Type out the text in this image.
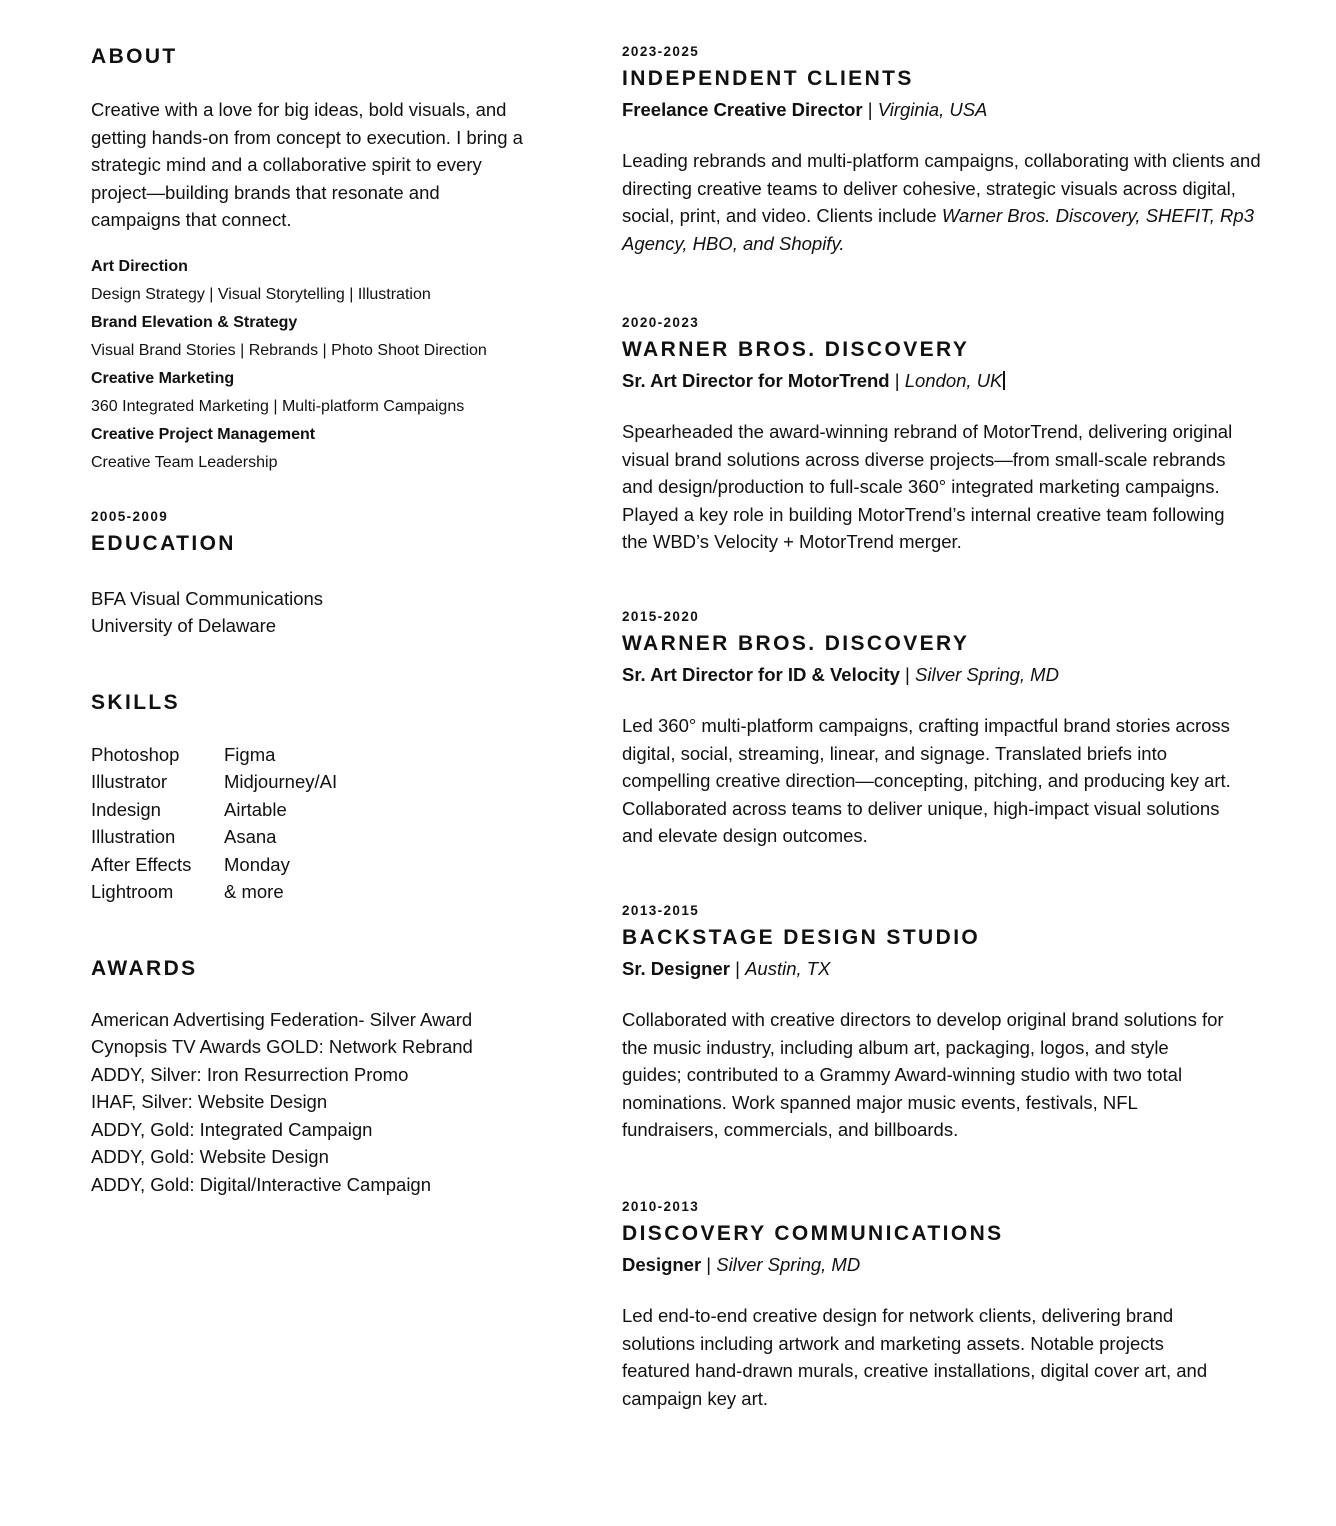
ABOUT

Creative with a love for big ideas, bold visuals, and getting hands-on from concept to execution. I bring a strategic mind and a collaborative spirit to every project—building brands that resonate and campaigns that connect.

Art Direction
Design Strategy | Visual Storytelling | Illustration
Brand Elevation & Strategy
Visual Brand Stories | Rebrands | Photo Shoot Direction
Creative Marketing
360 Integrated Marketing | Multi-platform Campaigns
Creative Project Management
Creative Team Leadership
2005-2009
EDUCATION

BFA Visual Communications
University of Delaware

SKILLS
Photoshop
Illustrator
Indesign
Illustration
After Effects
Lightroom
Figma
Midjourney/AI
Airtable
Asana
Monday
& more
AWARDS
American Advertising Federation- Silver Award
Cynopsis TV Awards GOLD: Network Rebrand
ADDY, Silver: Iron Resurrection Promo
IHAF, Silver: Website Design
ADDY, Gold: Integrated Campaign
ADDY, Gold: Website Design
ADDY, Gold: Digital/Interactive Campaign
2023-2025
INDEPENDENT CLIENTS
Freelance Creative Director | Virginia, USA

Leading rebrands and multi-platform campaigns, collaborating with clients and directing creative teams to deliver cohesive, strategic visuals across digital, social, print, and video. Clients include Warner Bros. Discovery, SHEFIT, Rp3 Agency, HBO, and Shopify.

2020-2023
WARNER BROS. DISCOVERY
Sr. Art Director for MotorTrend | London, UK

Spearheaded the award-winning rebrand of MotorTrend, delivering original visual brand solutions across diverse projects—from small-scale rebrands and design/production to full-scale 360° integrated marketing campaigns. Played a key role in building MotorTrend’s internal creative team following the WBD’s Velocity + MotorTrend merger.

2015-2020
WARNER BROS. DISCOVERY
Sr. Art Director for ID & Velocity | Silver Spring, MD

Led 360° multi-platform campaigns, crafting impactful brand stories across digital, social, streaming, linear, and signage. Translated briefs into compelling creative direction—concepting, pitching, and producing key art. Collaborated across teams to deliver unique, high-impact visual solutions and elevate design outcomes.

2013-2015
BACKSTAGE DESIGN STUDIO
Sr. Designer | Austin, TX

Collaborated with creative directors to develop original brand solutions for the music industry, including album art, packaging, logos, and style guides; contributed to a Grammy Award-winning studio with two total nominations. Work spanned major music events, festivals, NFL fundraisers, commercials, and billboards.

2010-2013
DISCOVERY COMMUNICATIONS
Designer | Silver Spring, MD

Led end-to-end creative design for network clients, delivering brand solutions including artwork and marketing assets. Notable projects featured hand-drawn murals, creative installations, digital cover art, and campaign key art.
